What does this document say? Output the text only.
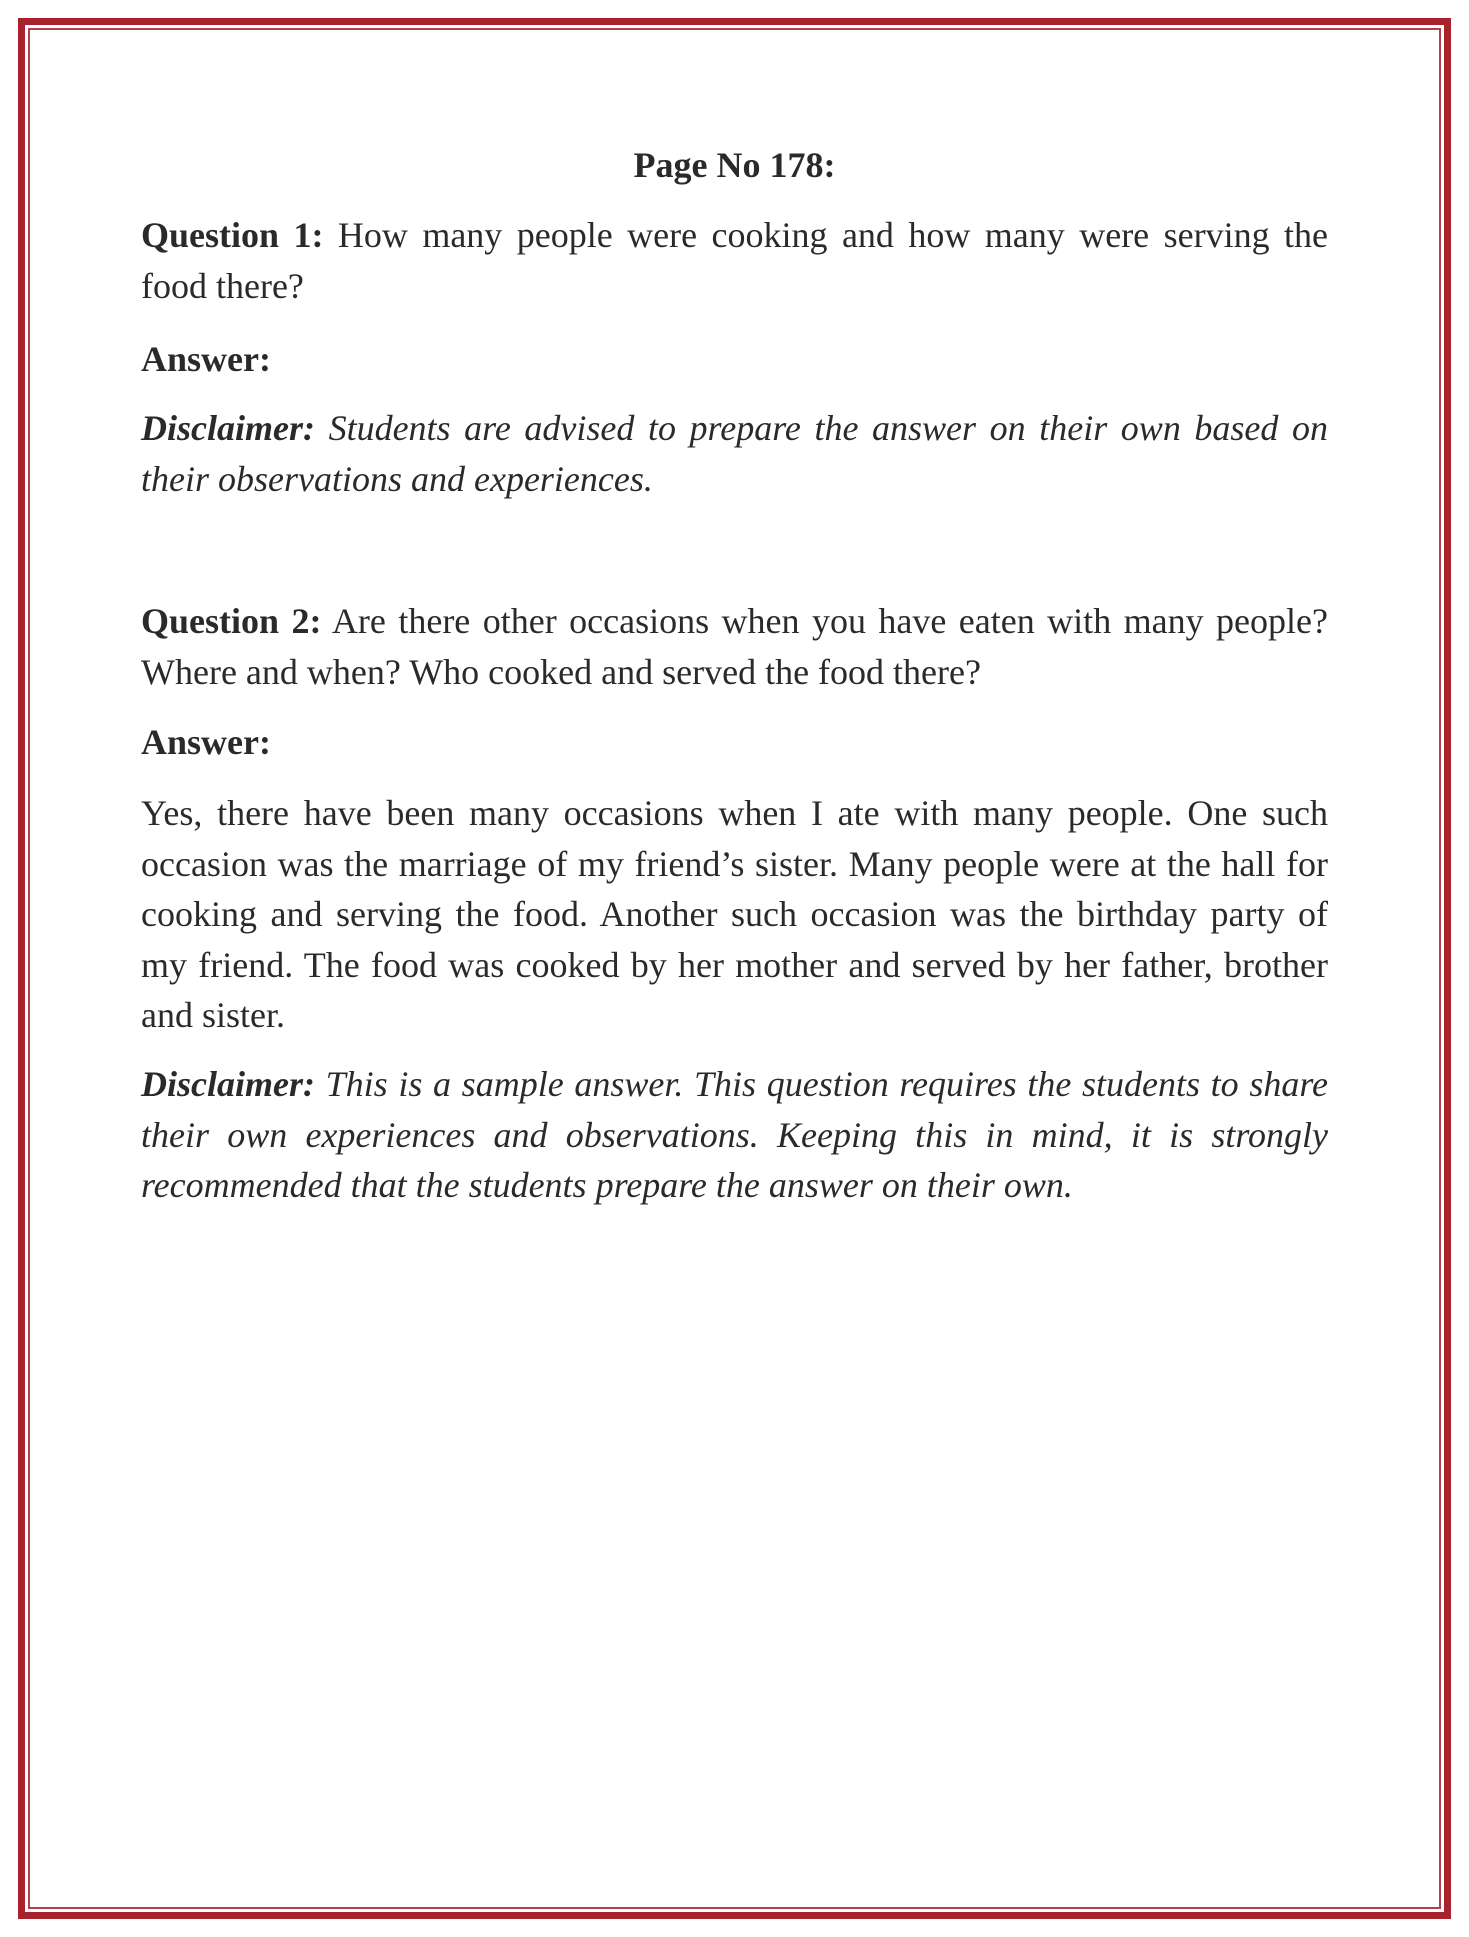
Page No 178:
Question 1: How many people were cooking and how many were serving the food there?
Answer:
Disclaimer: Students are advised to prepare the answer on their own based on their observations and experiences.
Question 2: Are there other occasions when you have eaten with many people? Where and when? Who cooked and served the food there?
Answer:
Yes, there have been many occasions when I ate with many people. One such occasion was the marriage of my friend’s sister. Many people were at the hall for cooking and serving the food. Another such occasion was the birthday party of my friend. The food was cooked by her mother and served by her father, brother and sister.
Disclaimer: This is a sample answer. This question requires the students to share their own experiences and observations. Keeping this in mind, it is strongly recommended that the students prepare the answer on their own.
